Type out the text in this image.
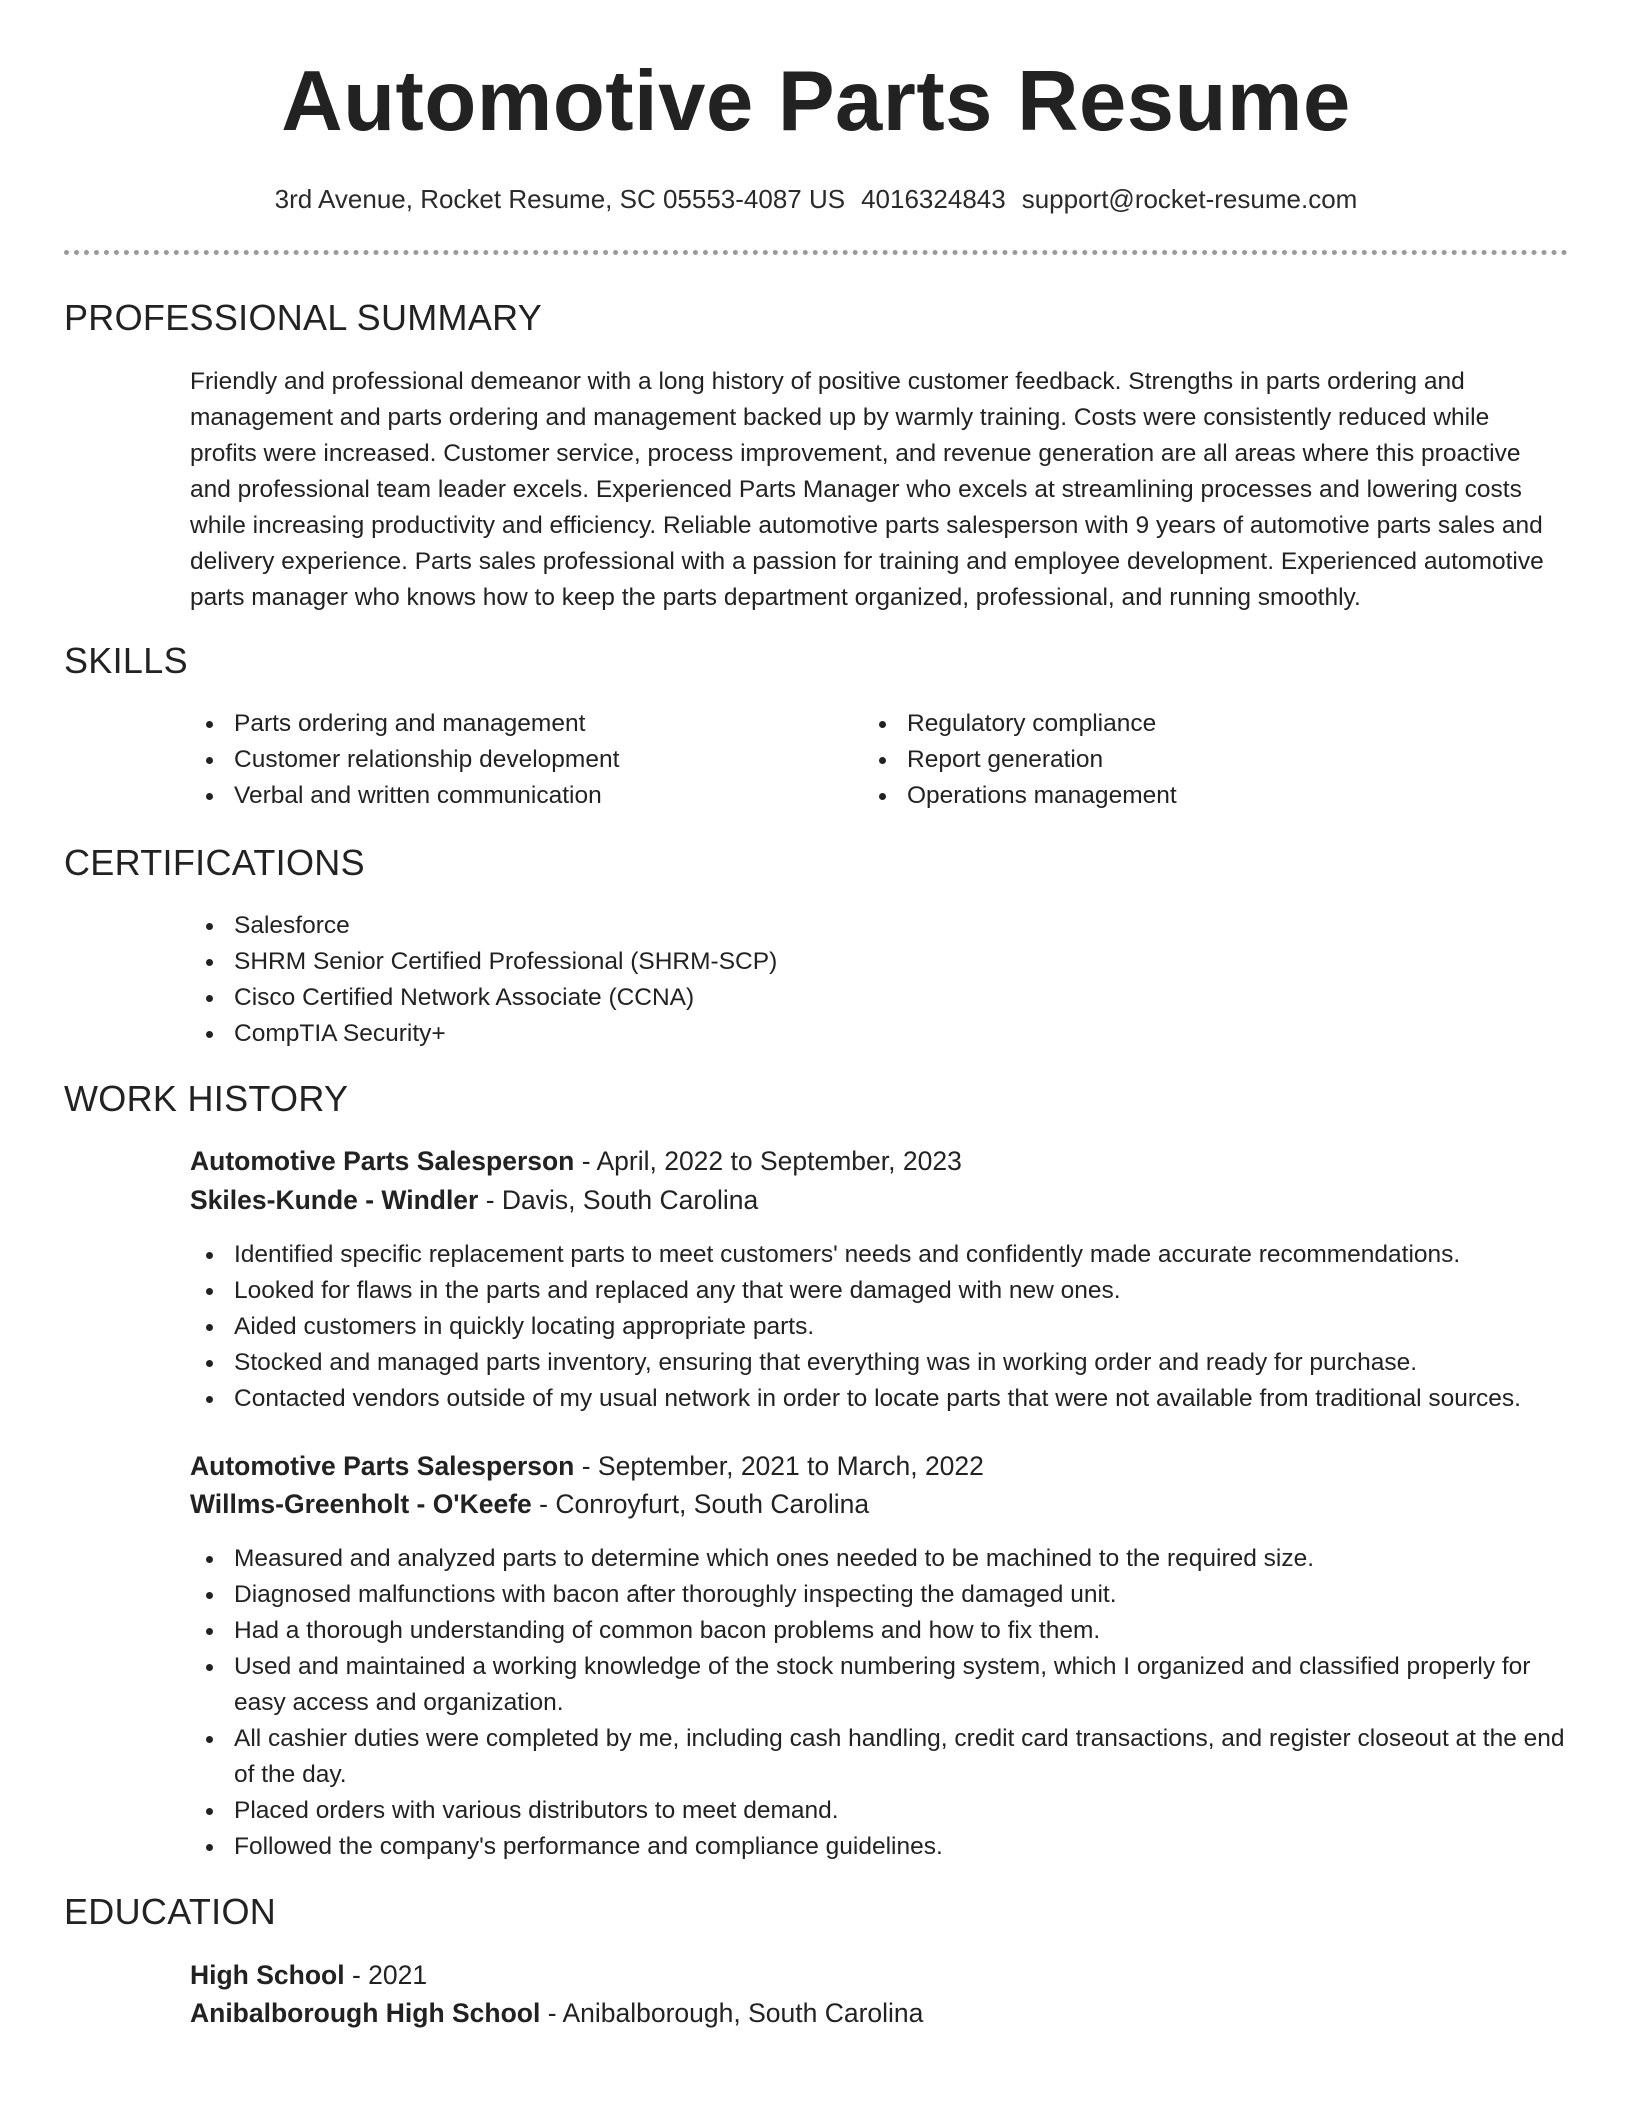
Automotive Parts Resume
3rd Avenue, Rocket Resume, SC 05553-4087 US 4016324843 support@rocket-resume.com
PROFESSIONAL SUMMARY
Friendly and professional demeanor with a long history of positive customer feedback. Strengths in parts ordering and management and parts ordering and management backed up by warmly training. Costs were consistently reduced while profits were increased. Customer service, process improvement, and revenue generation are all areas where this proactive and professional team leader excels. Experienced Parts Manager who excels at streamlining processes and lowering costs while increasing productivity and efficiency. Reliable automotive parts salesperson with 9 years of automotive parts sales and delivery experience. Parts sales professional with a passion for training and employee development. Experienced automotive parts manager who knows how to keep the parts department organized, professional, and running smoothly.
SKILLS
Parts ordering and management
Customer relationship development
Verbal and written communication
Regulatory compliance
Report generation
Operations management
CERTIFICATIONS
Salesforce
SHRM Senior Certified Professional (SHRM-SCP)
Cisco Certified Network Associate (CCNA)
CompTIA Security+
WORK HISTORY
Automotive Parts Salesperson - April, 2022 to September, 2023
Skiles-Kunde - Windler - Davis, South Carolina
Identified specific replacement parts to meet customers' needs and confidently made accurate recommendations.
Looked for flaws in the parts and replaced any that were damaged with new ones.
Aided customers in quickly locating appropriate parts.
Stocked and managed parts inventory, ensuring that everything was in working order and ready for purchase.
Contacted vendors outside of my usual network in order to locate parts that were not available from traditional sources.
Automotive Parts Salesperson - September, 2021 to March, 2022
Willms-Greenholt - O'Keefe - Conroyfurt, South Carolina
Measured and analyzed parts to determine which ones needed to be machined to the required size.
Diagnosed malfunctions with bacon after thoroughly inspecting the damaged unit.
Had a thorough understanding of common bacon problems and how to fix them.
Used and maintained a working knowledge of the stock numbering system, which I organized and classified properly for easy access and organization.
All cashier duties were completed by me, including cash handling, credit card transactions, and register closeout at the end of the day.
Placed orders with various distributors to meet demand.
Followed the company's performance and compliance guidelines.
EDUCATION
High School - 2021
Anibalborough High School - Anibalborough, South Carolina
